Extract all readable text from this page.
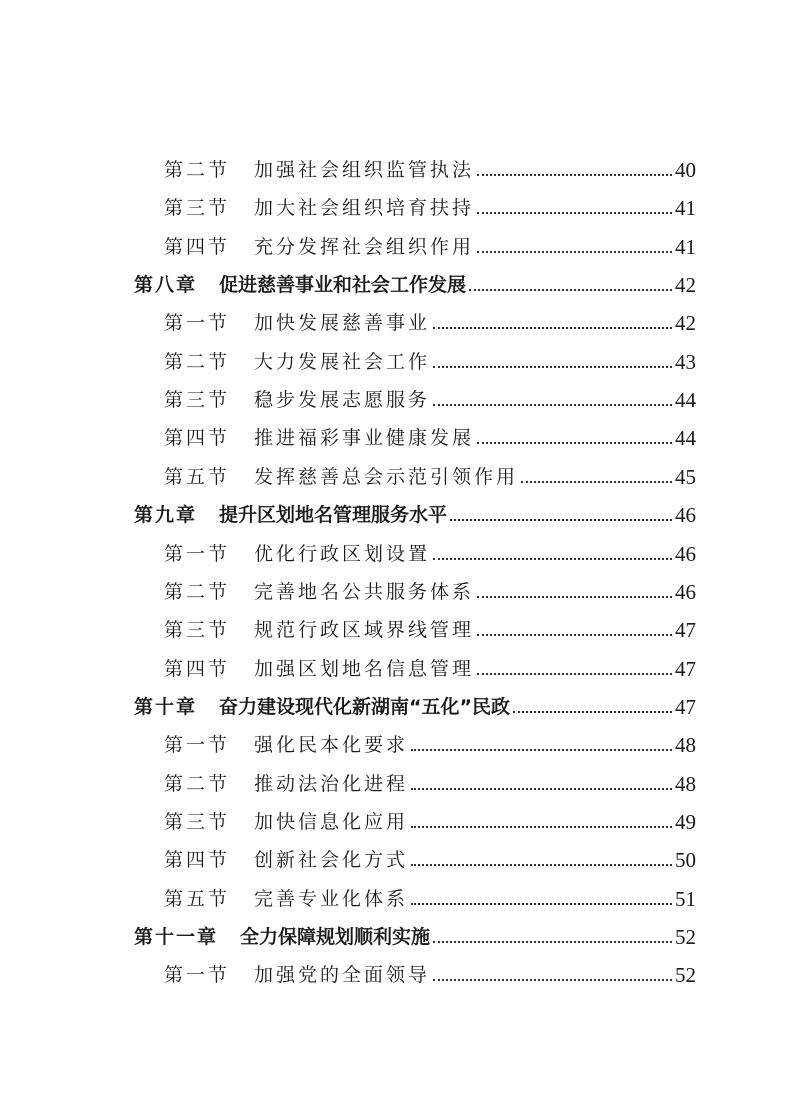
第二节 加强社会组织监管执法	40
第三节 加大社会组织培育扶持	41
第四节 充分发挥社会组织作用	41
第八章 促进慈善事业和社会工作发展	42
第一节 加快发展慈善事业	42
第二节 大力发展社会工作	43
第三节 稳步发展志愿服务	44
第四节 推进福彩事业健康发展	44
第五节 发挥慈善总会示范引领作用	45
第九章 提升区划地名管理服务水平	46
第一节 优化行政区划设置	46
第二节 完善地名公共服务体系	46
第三节 规范行政区域界线管理	47
第四节 加强区划地名信息管理	47
第十章 奋力建设现代化新湖南“五化”民政	47
第一节 强化民本化要求	48
第二节 推动法治化进程	48
第三节 加快信息化应用	49
第四节 创新社会化方式	50
第五节 完善专业化体系	51
第十一章 全力保障规划顺利实施	52
第一节 加强党的全面领导	52
